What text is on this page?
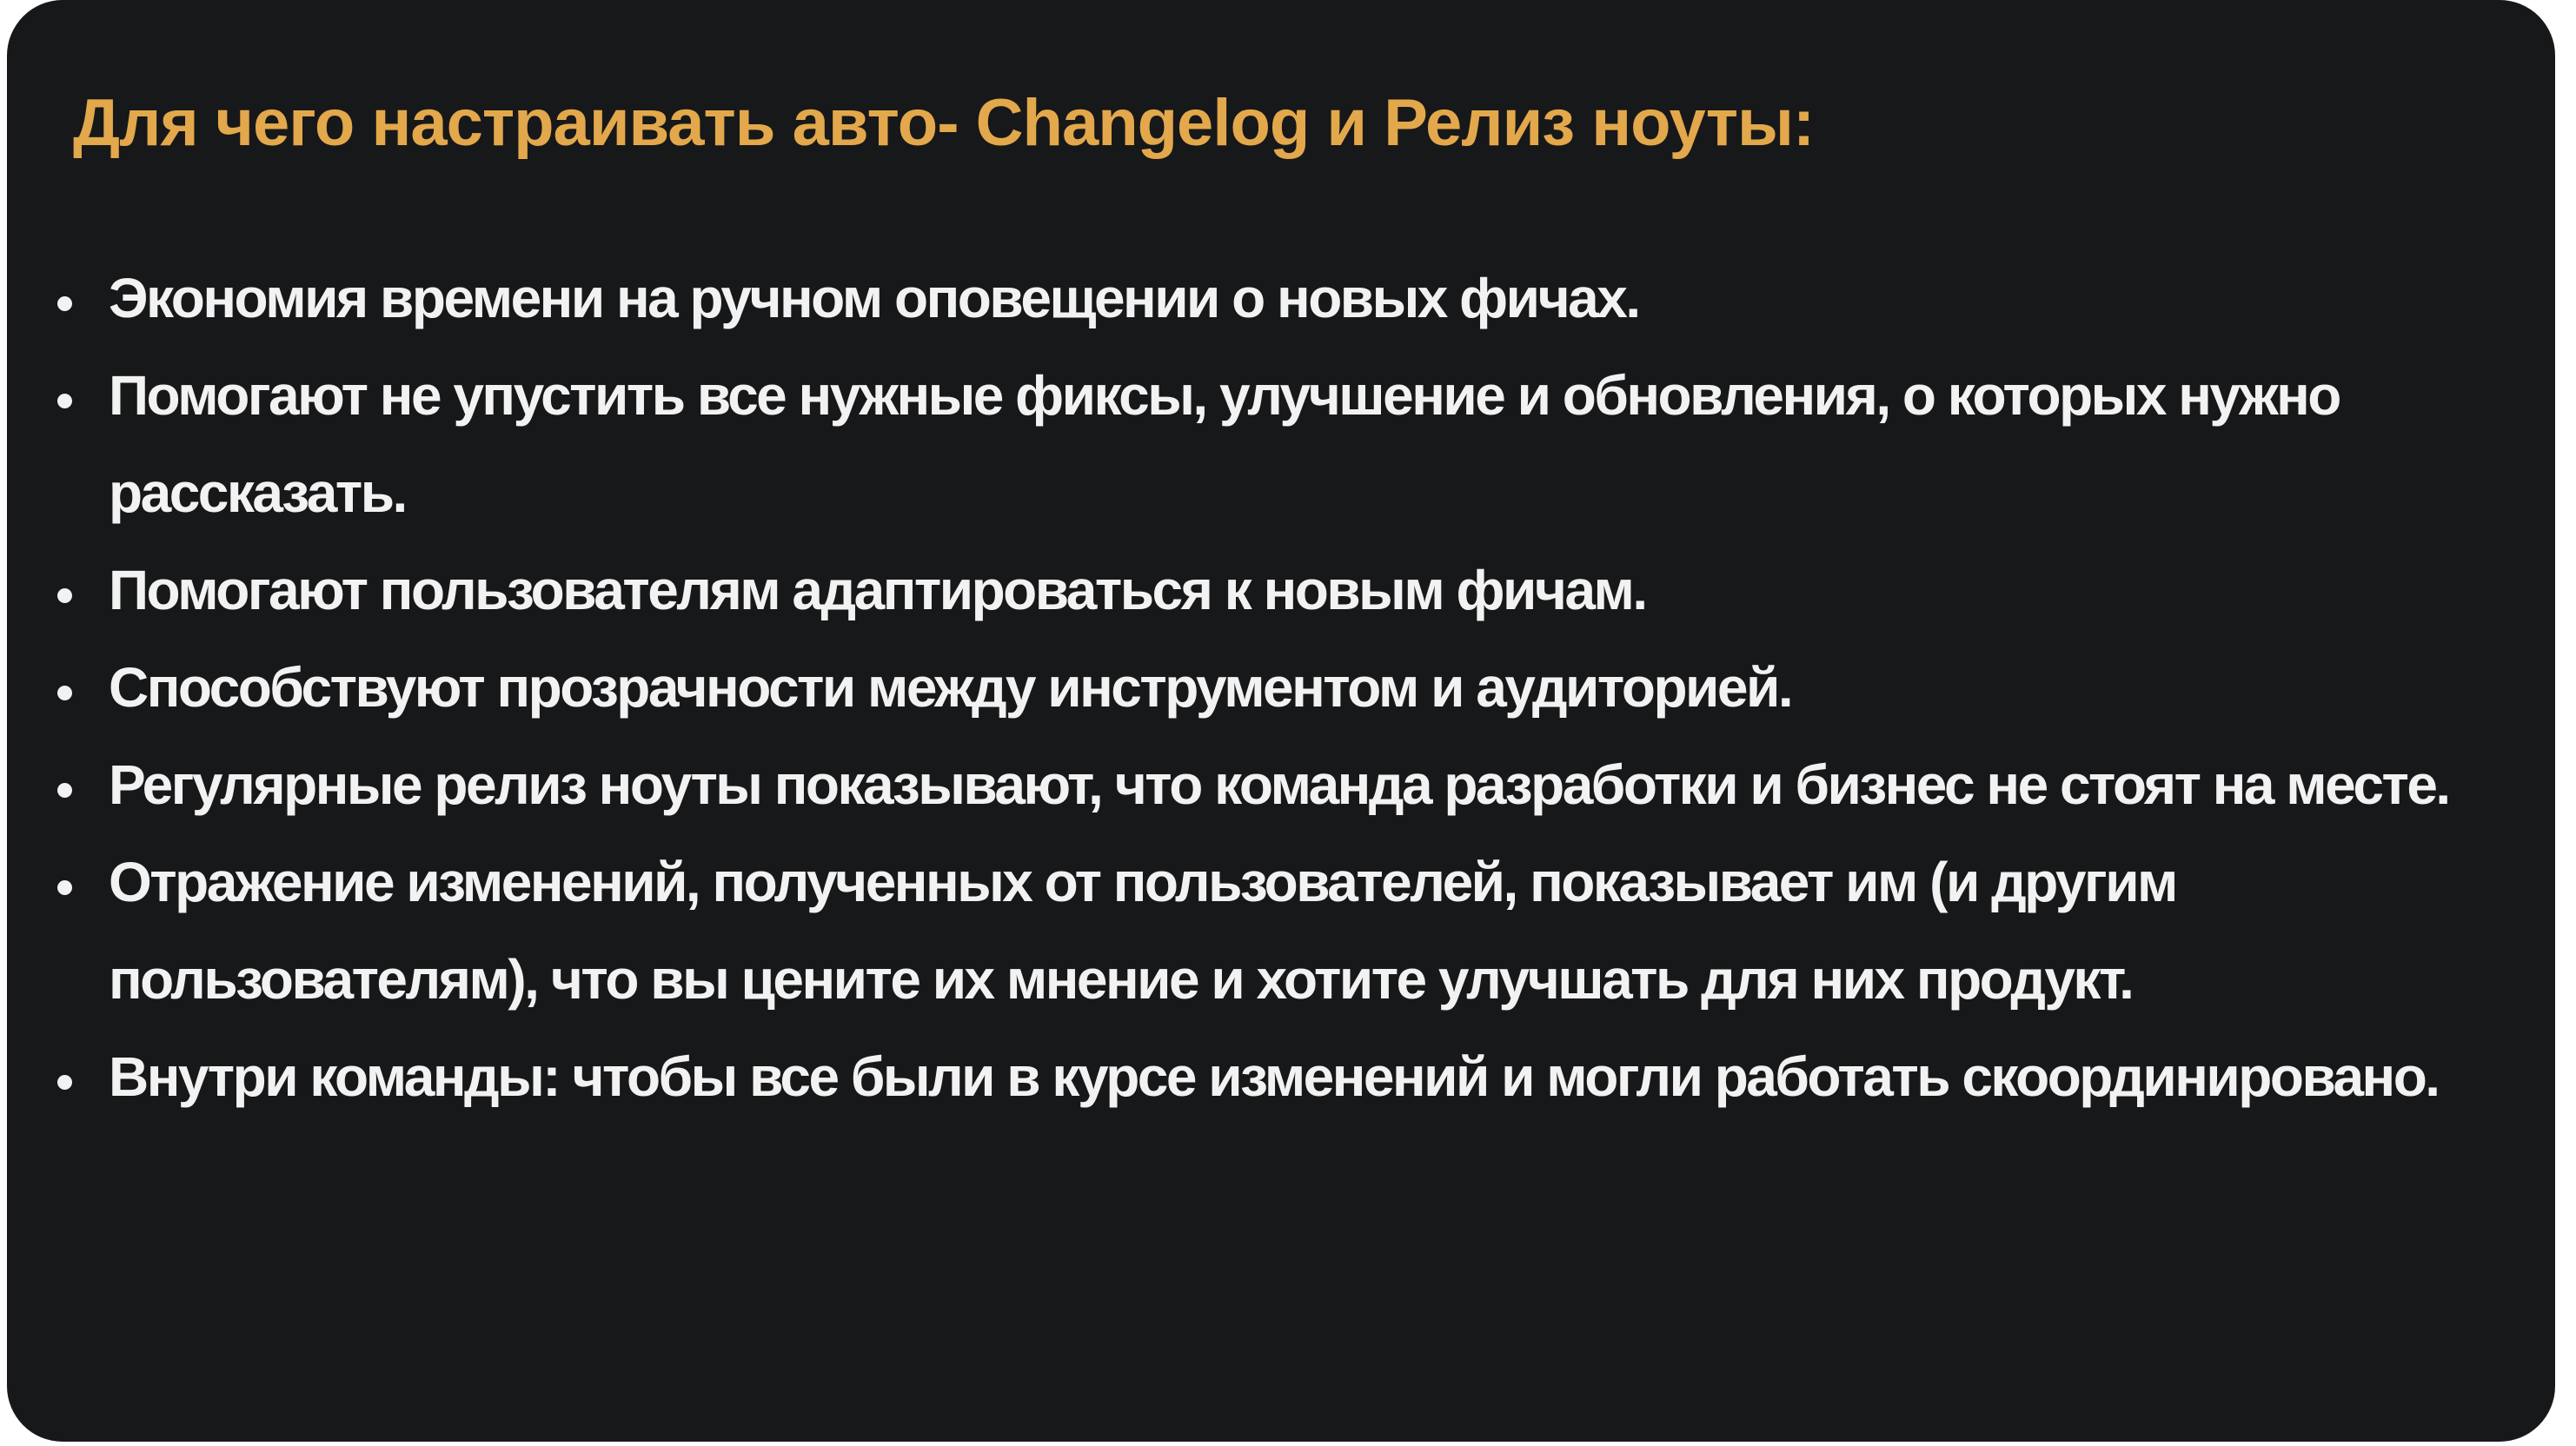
Для чего настраивать авто- Changelog и Релиз ноуты:
Экономия времени на ручном оповещении о новых фичах.
Помогают не упустить все нужные фиксы, улучшение и обновления, о которых нужно рассказать.
Помогают пользователям адаптироваться к новым фичам.
Способствуют прозрачности между инструментом и аудиторией.
Регулярные релиз ноуты показывают, что команда разработки и бизнес не стоят на месте.
Отражение изменений, полученных от пользователей, показывает им (и другим пользователям), что вы цените их мнение и хотите улучшать для них продукт.
Внутри команды: чтобы все были в курсе изменений и могли работать скоординировано.
